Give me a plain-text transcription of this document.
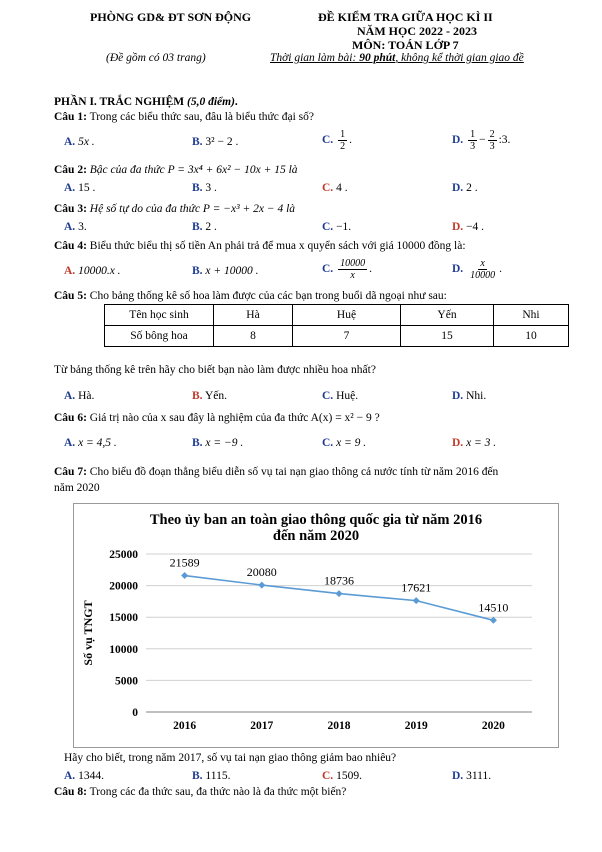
PHÒNG GD& ĐT SƠN ĐỘNG
(Đề gồm có 03 trang)
ĐỀ KIỂM TRA GIỮA HỌC KÌ II
NĂM HỌC 2022 - 2023
MÔN: TOÁN LỚP 7
Thời gian làm bài: 90 phút, không kể thời gian giao đề
PHẦN I. TRẮC NGHIỆM (5,0 điểm).
Câu 1: Trong các biểu thức sau, đâu là biểu thức đại số?
A. 5x .	B. 3² − 2 .	C. $\frac{1}{2}$ .	D. $\frac{1}{3} - \frac{2}{3}$ :3.
Câu 2: Bậc của đa thức P = 3x⁴ + 6x² − 10x + 15 là
A. 15 .	B. 3 .	C. 4 .	D. 2 .
Câu 3: Hệ số tự do của đa thức P = −x³ + 2x − 4 là
A. 3.	B. 2 .	C. −1.	D. −4 .
Câu 4: Biểu thức biểu thị số tiền An phải trả để mua x quyển sách với giá 10000 đồng là:
A. 10000.x .	B. x + 10000 .	C. $\frac{10000}{x}$ .	D. $\frac{x}{10000}$ .
Câu 5: Cho bảng thống kê số hoa làm được của các bạn trong buổi dã ngoại như sau:
Tên học sinh	Hà	Huệ	Yến	Nhi
Số bông hoa	8	7	15	10
Từ bảng thống kê trên hãy cho biết bạn nào làm được nhiều hoa nhất?
A. Hà.	B. Yến.	C. Huệ.	D. Nhi.
Câu 6: Giá trị nào của x sau đây là nghiệm của đa thức A(x) = x² − 9 ?
A. x = 4,5 .	B. x = −9 .	C. x = 9 .	D. x = 3 .
Câu 7: Cho biểu đồ đoạn thẳng biểu diễn số vụ tai nạn giao thông cả nước tính từ năm 2016 đến
năm 2020
Theo ủy ban an toàn giao thông quốc gia từ năm 2016
đến năm 2020
0
5000
10000
15000
20000
25000
2016	2017	2018	2019	2020
21589
20080
18736
17621
14510
Số vụ TNGT
Hãy cho biết, trong năm 2017, số vụ tai nạn giao thông giảm bao nhiêu?
A. 1344.	B. 1115.	C. 1509.	D. 3111.
Câu 8: Trong các đa thức sau, đa thức nào là đa thức một biến?
